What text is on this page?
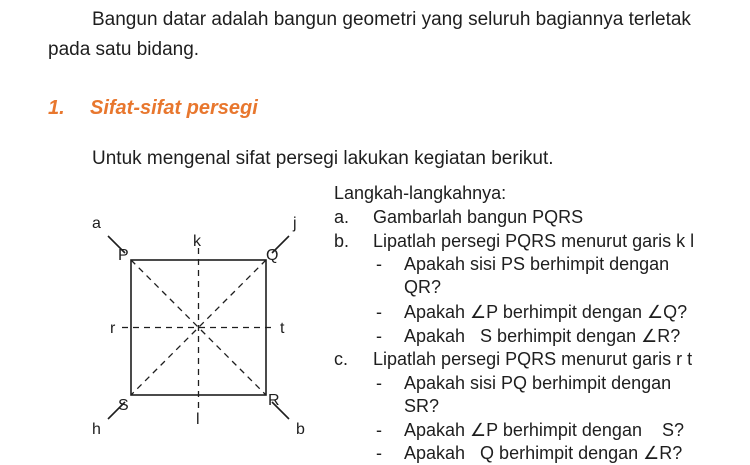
Bangun datar adalah bangun geometri yang seluruh bagiannya terletak
pada satu bidang.
1. Sifat-sifat persegi
Untuk mengenal sifat persegi lakukan kegiatan berikut.
Langkah-langkahnya:
a. Gambarlah bangun PQRS
b. Lipatlah persegi PQRS menurut garis k l
- Apakah sisi PS berhimpit dengan
QR?
- Apakah ∠P berhimpit dengan ∠Q?
- Apakah   S berhimpit dengan ∠R?
c. Lipatlah persegi PQRS menurut garis r t
- Apakah sisi PQ berhimpit dengan
SR?
- Apakah ∠P berhimpit dengan    S?
- Apakah   Q berhimpit dengan ∠R?
P	Q
R
S
a	j
h	b
k
l
r	t
